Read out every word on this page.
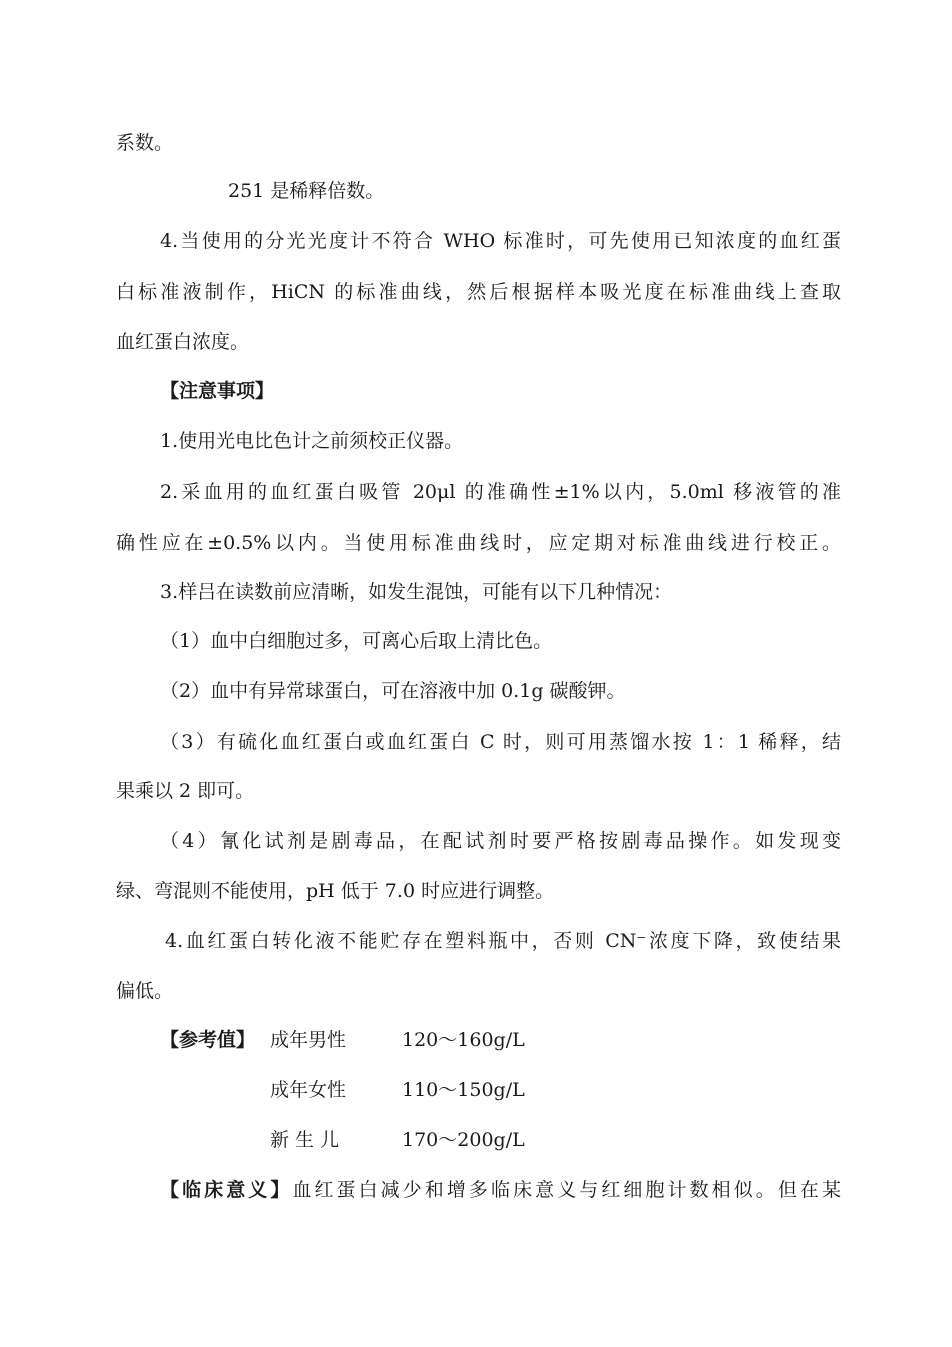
系数。
251 是稀释倍数。
4.当使用的分光光度计不符合 WHO 标准时，可先使用已知浓度的血红蛋
白标准液制作，HiCN 的标准曲线，然后根据样本吸光度在标准曲线上查取
血红蛋白浓度。
【注意事项】
1.使用光电比色计之前须校正仪器。
2.采血用的血红蛋白吸管 20μl 的准确性±1%以内，5.0ml 移液管的准
确性应在±0.5%以内。当使用标准曲线时，应定期对标准曲线进行校正。
3.样吕在读数前应清晰，如发生混蚀，可能有以下几种情况：
（1）血中白细胞过多，可离心后取上清比色。
（2）血中有异常球蛋白，可在溶液中加 0.1g 碳酸钾。
（3）有硫化血红蛋白或血红蛋白 C 时，则可用蒸馏水按 1：1 稀释，结
果乘以 2 即可。
（4）氰化试剂是剧毒品，在配试剂时要严格按剧毒品操作。如发现变
绿、弯混则不能使用，pH 低于 7.0 时应进行调整。
4.血红蛋白转化液不能贮存在塑料瓶中，否则 CN⁻浓度下降，致使结果
偏低。
【参考值】 成年男性	120～160g/L
成年女性	110～150g/L
新 生 儿	170～200g/L
【临床意义】血红蛋白减少和增多临床意义与红细胞计数相似。但在某
